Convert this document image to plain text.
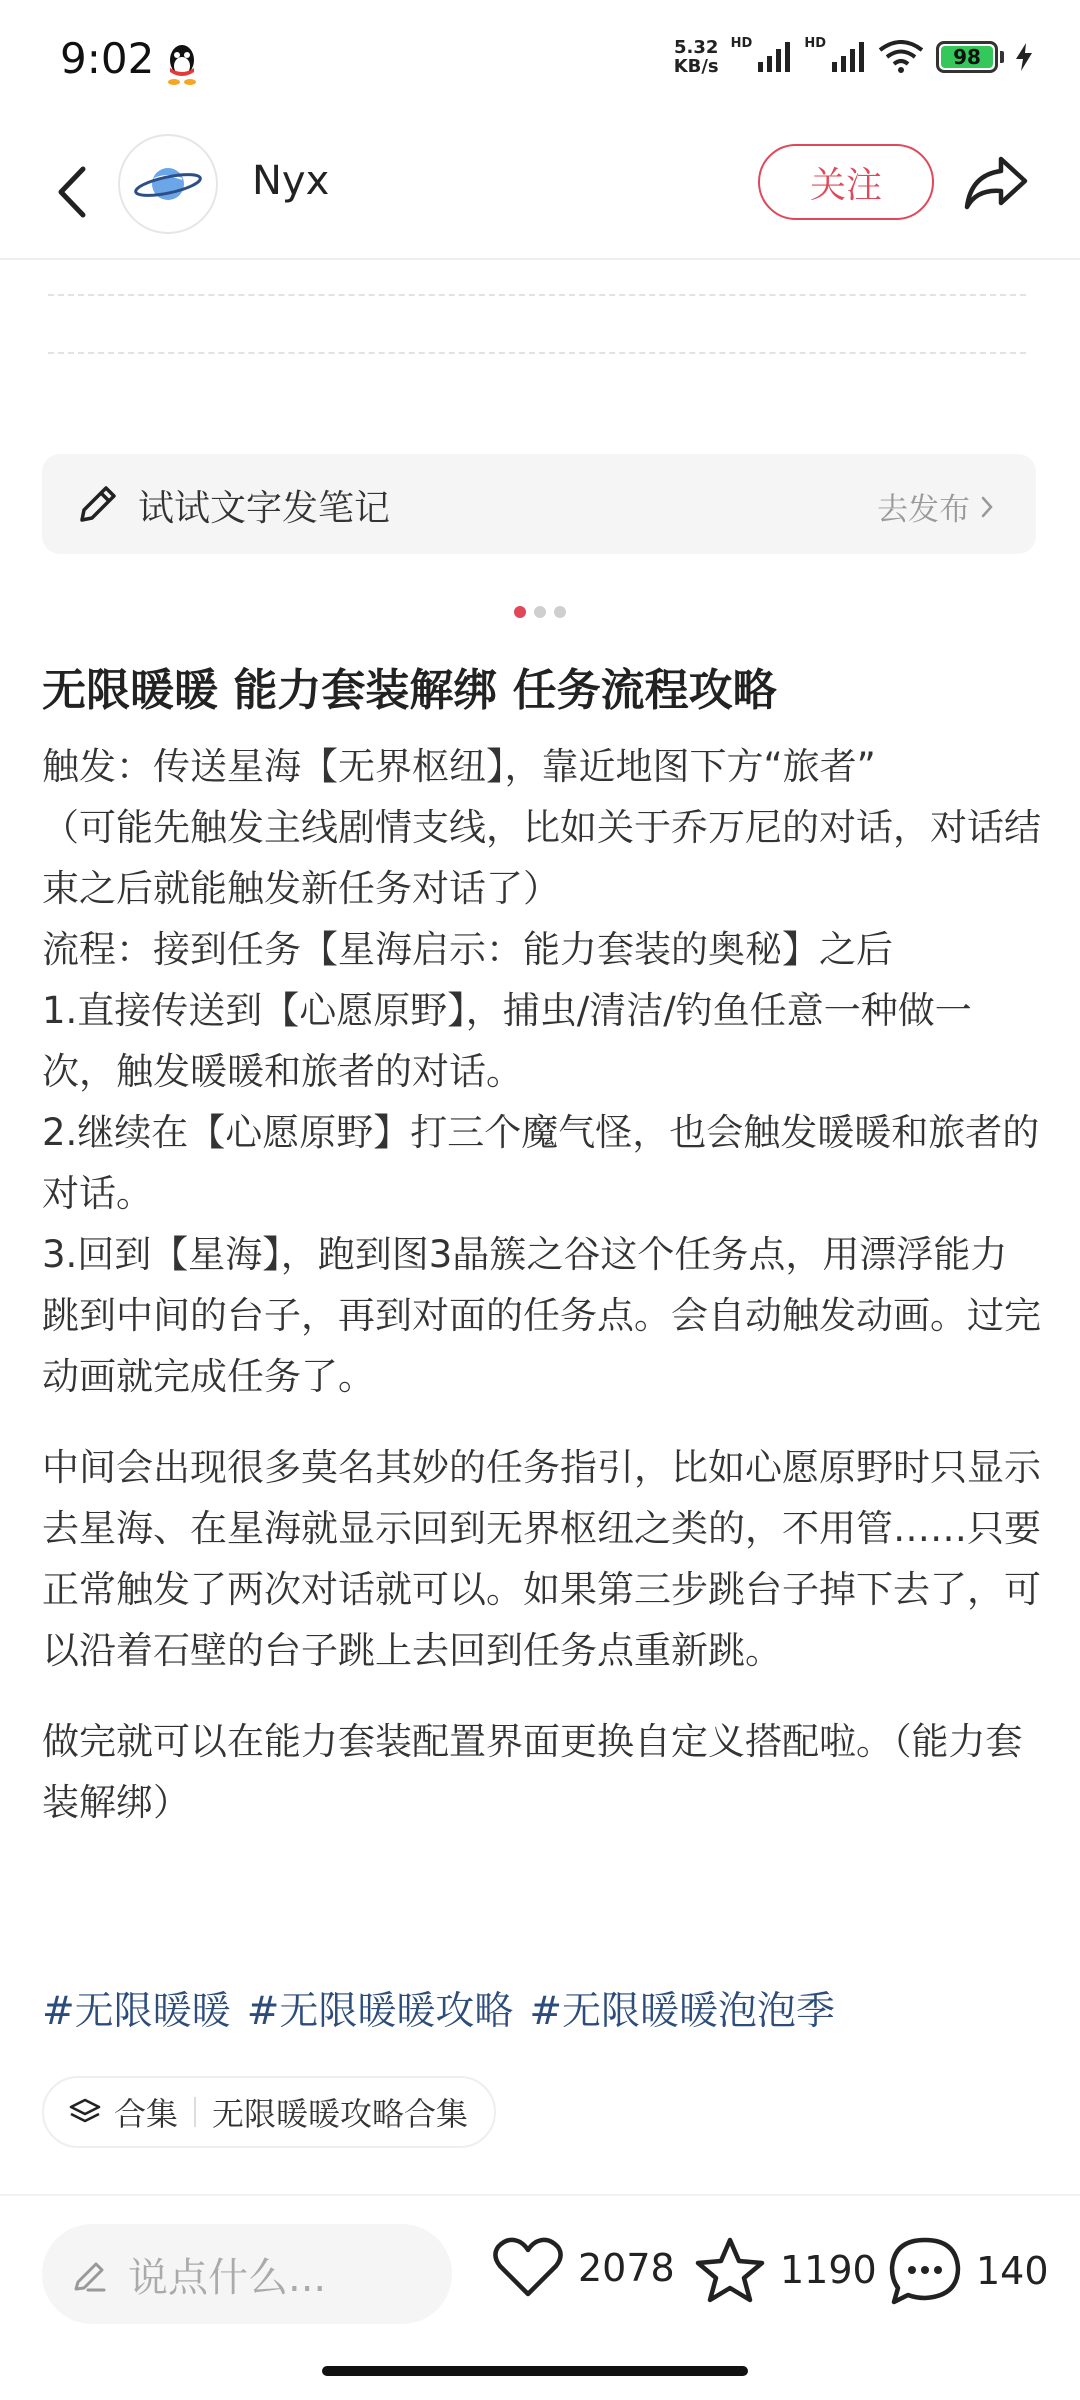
9:02	5.32
KB/s
HD	HD
98
Nyx	关注
试试文字发笔记	去发布
无限暖暖 能力套装解绑 任务流程攻略

触发：传送星海【无界枢纽】，靠近地图下方“旅者”

（可能先触发主线剧情支线，比如关于乔万尼的对话，对话结束之后就能触发新任务对话了）

流程：接到任务【星海启示：能力套装的奥秘】之后

1.直接传送到【心愿原野】，捕虫/清洁/钓鱼任意一种做一次，触发暖暖和旅者的对话。

2.继续在【心愿原野】打三个魔气怪，也会触发暖暖和旅者的对话。

3.回到【星海】，跑到图3晶簇之谷这个任务点，用漂浮能力跳到中间的台子，再到对面的任务点。会自动触发动画。过完动画就完成任务了。

中间会出现很多莫名其妙的任务指引，比如心愿原野时只显示去星海、在星海就显示回到无界枢纽之类的，不用管……只要正常触发了两次对话就可以。如果第三步跳台子掉下去了，可以沿着石壁的台子跳上去回到任务点重新跳。

做完就可以在能力套装配置界面更换自定义搭配啦。（能力套装解绑）

#无限暖暖 #无限暖暖攻略 #无限暖暖泡泡季
合集 无限暖暖攻略合集
说点什么...	2078	1190	140
